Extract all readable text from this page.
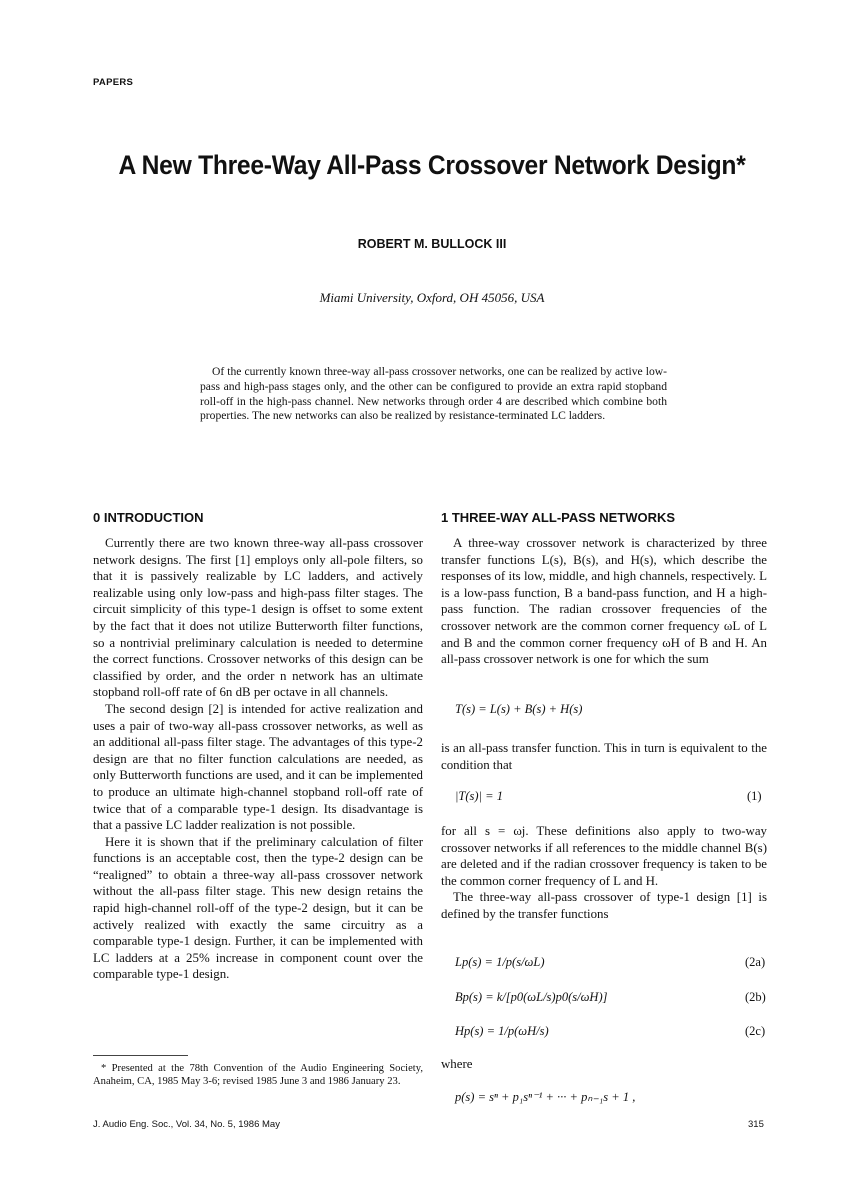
PAPERS
A New Three-Way All-Pass Crossover Network Design*
ROBERT M. BULLOCK III
Miami University, Oxford, OH 45056, USA
Of the currently known three-way all-pass crossover networks, one can be realized by active low-pass and high-pass stages only, and the other can be configured to provide an extra rapid stopband roll-off in the high-pass channel. New networks through order 4 are described which combine both properties. The new networks can also be realized by resistance-terminated LC ladders.
0 INTRODUCTION

Currently there are two known three-way all-pass crossover network designs. The first [1] employs only all-pole filters, so that it is passively realizable by LC ladders, and actively realizable using only low-pass and high-pass filter stages. The circuit simplicity of this type-1 design is offset to some extent by the fact that it does not utilize Butterworth filter functions, so a nontrivial preliminary calculation is needed to determine the correct functions. Crossover networks of this design can be classified by order, and the order n network has an ultimate stopband roll-off rate of 6n dB per octave in all channels.

The second design [2] is intended for active realization and uses a pair of two-way all-pass crossover networks, as well as an additional all-pass filter stage. The advantages of this type-2 design are that no filter function calculations are needed, as only Butterworth functions are used, and it can be implemented to produce an ultimate high-channel stopband roll-off rate of twice that of a comparable type-1 design. Its disadvantage is that a passive LC ladder realization is not possible.

Here it is shown that if the preliminary calculation of filter functions is an acceptable cost, then the type-2 design can be “realigned” to obtain a three-way all-pass crossover network without the all-pass filter stage. This new design retains the rapid high-channel roll-off of the type-2 design, but it can be actively realized with exactly the same circuitry as a comparable type-1 design. Further, it can be implemented with LC ladders at a 25% increase in component count over the comparable type-1 design.

* Presented at the 78th Convention of the Audio Engineering Society, Anaheim, CA, 1985 May 3-6; revised 1985 June 3 and 1986 January 23.
1 THREE-WAY ALL-PASS NETWORKS

A three-way crossover network is characterized by three transfer functions L(s), B(s), and H(s), which describe the responses of its low, middle, and high channels, respectively. L is a low-pass function, B a band-pass function, and H a high-pass function. The radian crossover frequencies of the crossover network are the common corner frequency ωL of L and B and the common corner frequency ωH of B and H. An all-pass crossover network is one for which the sum

T(s) = L(s) + B(s) + H(s)

is an all-pass transfer function. This in turn is equivalent to the condition that

|T(s)| = 1	(1)

for all s = ωj. These definitions also apply to two-way crossover networks if all references to the middle channel B(s) are deleted and if the radian crossover frequency is taken to be the common corner frequency of L and H.

The three-way all-pass crossover of type-1 design [1] is defined by the transfer functions

Lp(s) = 1/p(s/ωL)	(2a)
Bp(s) = k/[p0(ωL/s)p0(s/ωH)]	(2b)
Hp(s) = 1/p(ωH/s)	(2c)
where
p(s) = sⁿ + p₁sⁿ⁻¹ + ··· + pₙ₋₁s + 1 ,
J. Audio Eng. Soc., Vol. 34, No. 5, 1986 May	315
